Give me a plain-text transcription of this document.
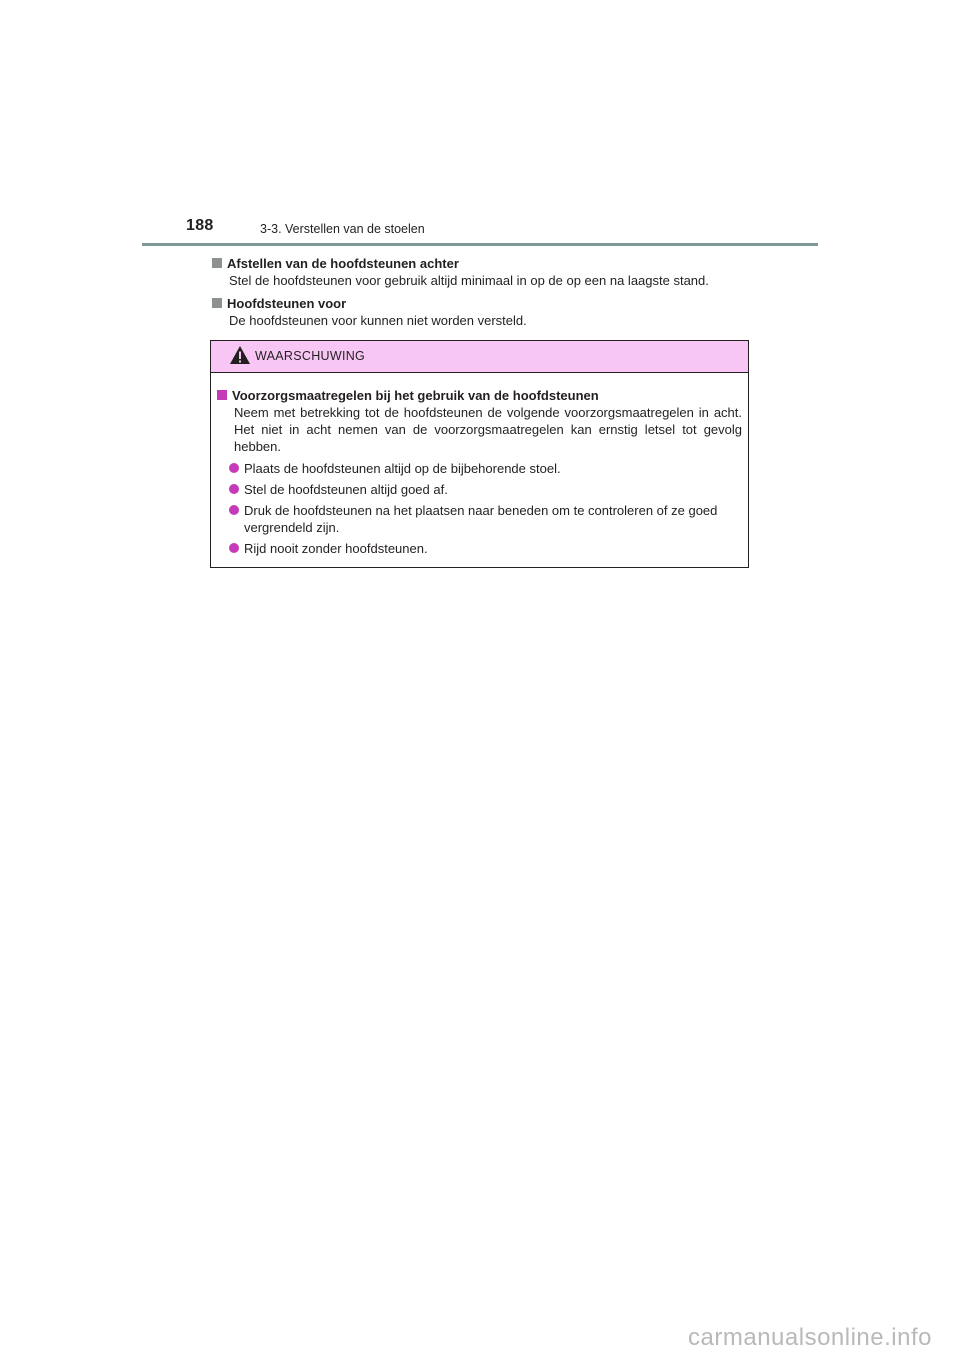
188	3-3. Verstellen van de stoelen
Afstellen van de hoofdsteunen achter
Stel de hoofdsteunen voor gebruik altijd minimaal in op de op een na laagste stand.
Hoofdsteunen voor
De hoofdsteunen voor kunnen niet worden versteld.
WAARSCHUWING
Voorzorgsmaatregelen bij het gebruik van de hoofdsteunen
Neem met betrekking tot de hoofdsteunen de volgende voorzorgsmaatregelen in acht. Het niet in acht nemen van de voorzorgsmaatregelen kan ernstig letsel tot gevolg hebben.
Plaats de hoofdsteunen altijd op de bijbehorende stoel.
Stel de hoofdsteunen altijd goed af.
Druk de hoofdsteunen na het plaatsen naar beneden om te controleren of ze goed vergrendeld zijn.
Rijd nooit zonder hoofdsteunen.
carmanualsonline.info
